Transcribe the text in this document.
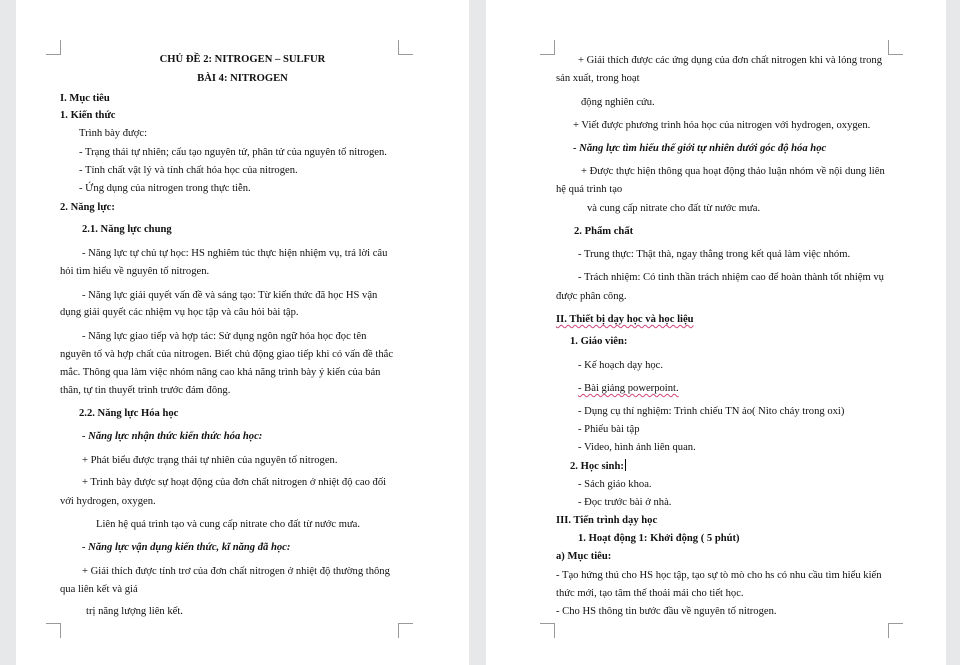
CHỦ ĐỀ 2: NITROGEN – SULFUR
BÀI 4: NITROGEN
I. Mục tiêu
1. Kiến thức
Trình bày được:
- Trạng thái tự nhiên; cấu tạo nguyên tử, phân tử của nguyên tố nitrogen.
- Tính chất vật lý và tính chất hóa học của nitrogen.
- Ứng dụng của nitrogen trong thực tiễn.
2. Năng lực:
2.1. Năng lực chung
- Năng lực tự chủ tự học: HS nghiêm túc thực hiện nhiệm vụ, trả lời câu
hỏi tìm hiểu về nguyên tố nitrogen.
- Năng lực giải quyết vấn đề và sáng tạo: Từ kiến thức đã học HS vận
dụng giải quyết các nhiệm vụ học tập và câu hỏi bài tập.
- Năng lực giao tiếp và hợp tác: Sử dụng ngôn ngữ hóa học đọc tên
nguyên tố và hợp chất của nitrogen. Biết chủ động giao tiếp khi có vấn đề thắc
mắc. Thông qua làm việc nhóm nâng cao khả năng trình bày ý kiến của bản
thân, tự tin thuyết trình trước đám đông.
2.2. Năng lực Hóa học
- Năng lực nhận thức kiến thức hóa học:
+ Phát biểu được trạng thái tự nhiên của nguyên tố nitrogen.
+ Trình bày được sự hoạt động của đơn chất nitrogen ở nhiệt độ cao đối
với hydrogen, oxygen.
Liên hệ quá trình tạo và cung cấp nitrate cho đất từ nước mưa.
- Năng lực vận dụng kiến thức, kĩ năng đã học:
+ Giải thích được tính trơ của đơn chất nitrogen ở nhiệt độ thường thông
qua liên kết và giá
trị năng lượng liên kết.
+ Giải thích được các ứng dụng của đơn chất nitrogen khi và lỏng trong
sản xuất, trong hoạt
động nghiên cứu.
+ Viết được phương trình hóa học của nitrogen với hydrogen, oxygen.
- Năng lực tìm hiểu thế giới tự nhiên dưới góc độ hóa học
+ Được thực hiện thông qua hoạt động thảo luận nhóm về nội dung liên
hệ quá trình tạo
và cung cấp nitrate cho đất từ nước mưa.
2. Phẩm chất
- Trung thực: Thật thà, ngay thẳng trong kết quả làm việc nhóm.
- Trách nhiệm: Có tinh thần trách nhiệm cao để hoàn thành tốt nhiệm vụ
được phân công.
II. Thiết bị dạy học và học liệu
1. Giáo viên:
- Kế hoạch dạy học.
- Bài giảng powerpoint.
- Dụng cụ thí nghiệm: Trình chiếu TN ảo( Nito cháy trong oxi)
- Phiếu bài tập
- Video, hình ảnh liên quan.
2. Học sinh:
- Sách giáo khoa.
- Đọc trước bài ở nhà.
III. Tiến trình dạy học
1. Hoạt động 1: Khởi động ( 5 phút)
a) Mục tiêu:
- Tạo hứng thú cho HS học tập, tạo sự tò mò cho hs có nhu cầu tìm hiểu kiến
thức mới, tạo tâm thế thoải mái cho tiết học.
- Cho HS thông tin bước đầu về nguyên tố nitrogen.
